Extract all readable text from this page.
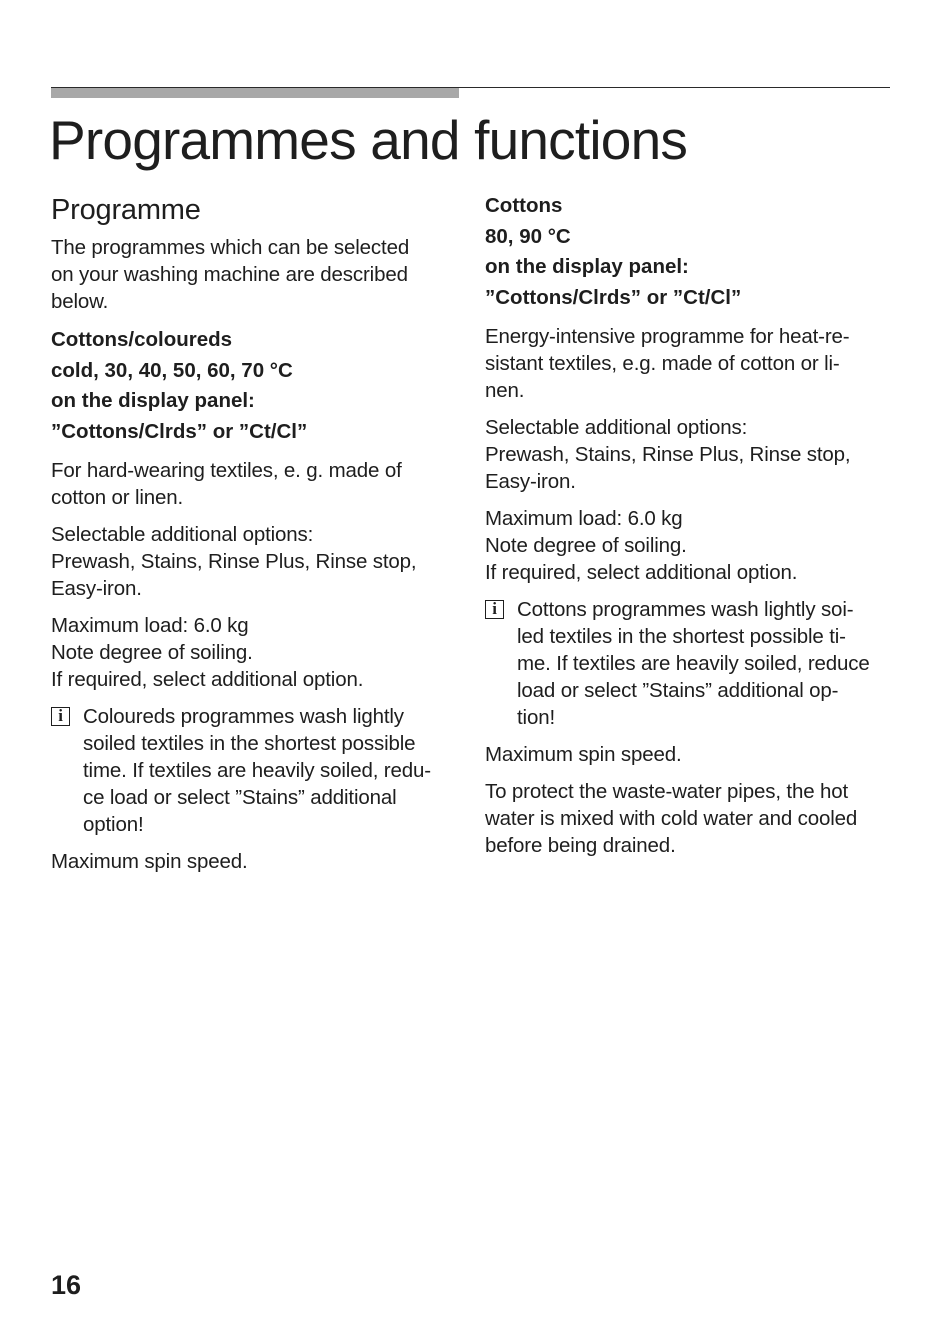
Programmes and functions
Programme
The programmes which can be selected
on your washing machine are described
below.
Cottons/coloureds
cold, 30, 40, 50, 60, 70 °C
on the display panel:
”Cottons/Clrds” or ”Ct/Cl”
For hard-wearing textiles, e. g. made of
cotton or linen.
Selectable additional options:
Prewash, Stains, Rinse Plus, Rinse stop,
Easy-iron.
Maximum load: 6.0 kg
Note degree of soiling.
If required, select additional option.
i Coloureds programmes wash lightly
soiled textiles in the shortest possible
time. If textiles are heavily soiled, redu-
ce load or select ”Stains” additional
option!
Maximum spin speed.
Cottons
80, 90 °C
on the display panel:
”Cottons/Clrds” or ”Ct/Cl”
Energy-intensive programme for heat-re-
sistant textiles, e.g. made of cotton or li-
nen.
Selectable additional options:
Prewash, Stains, Rinse Plus, Rinse stop,
Easy-iron.
Maximum load: 6.0 kg
Note degree of soiling.
If required, select additional option.
i Cottons programmes wash lightly soi-
led textiles in the shortest possible ti-
me. If textiles are heavily soiled, reduce
load or select ”Stains” additional op-
tion!
Maximum spin speed.
To protect the waste-water pipes, the hot
water is mixed with cold water and cooled
before being drained.
16
